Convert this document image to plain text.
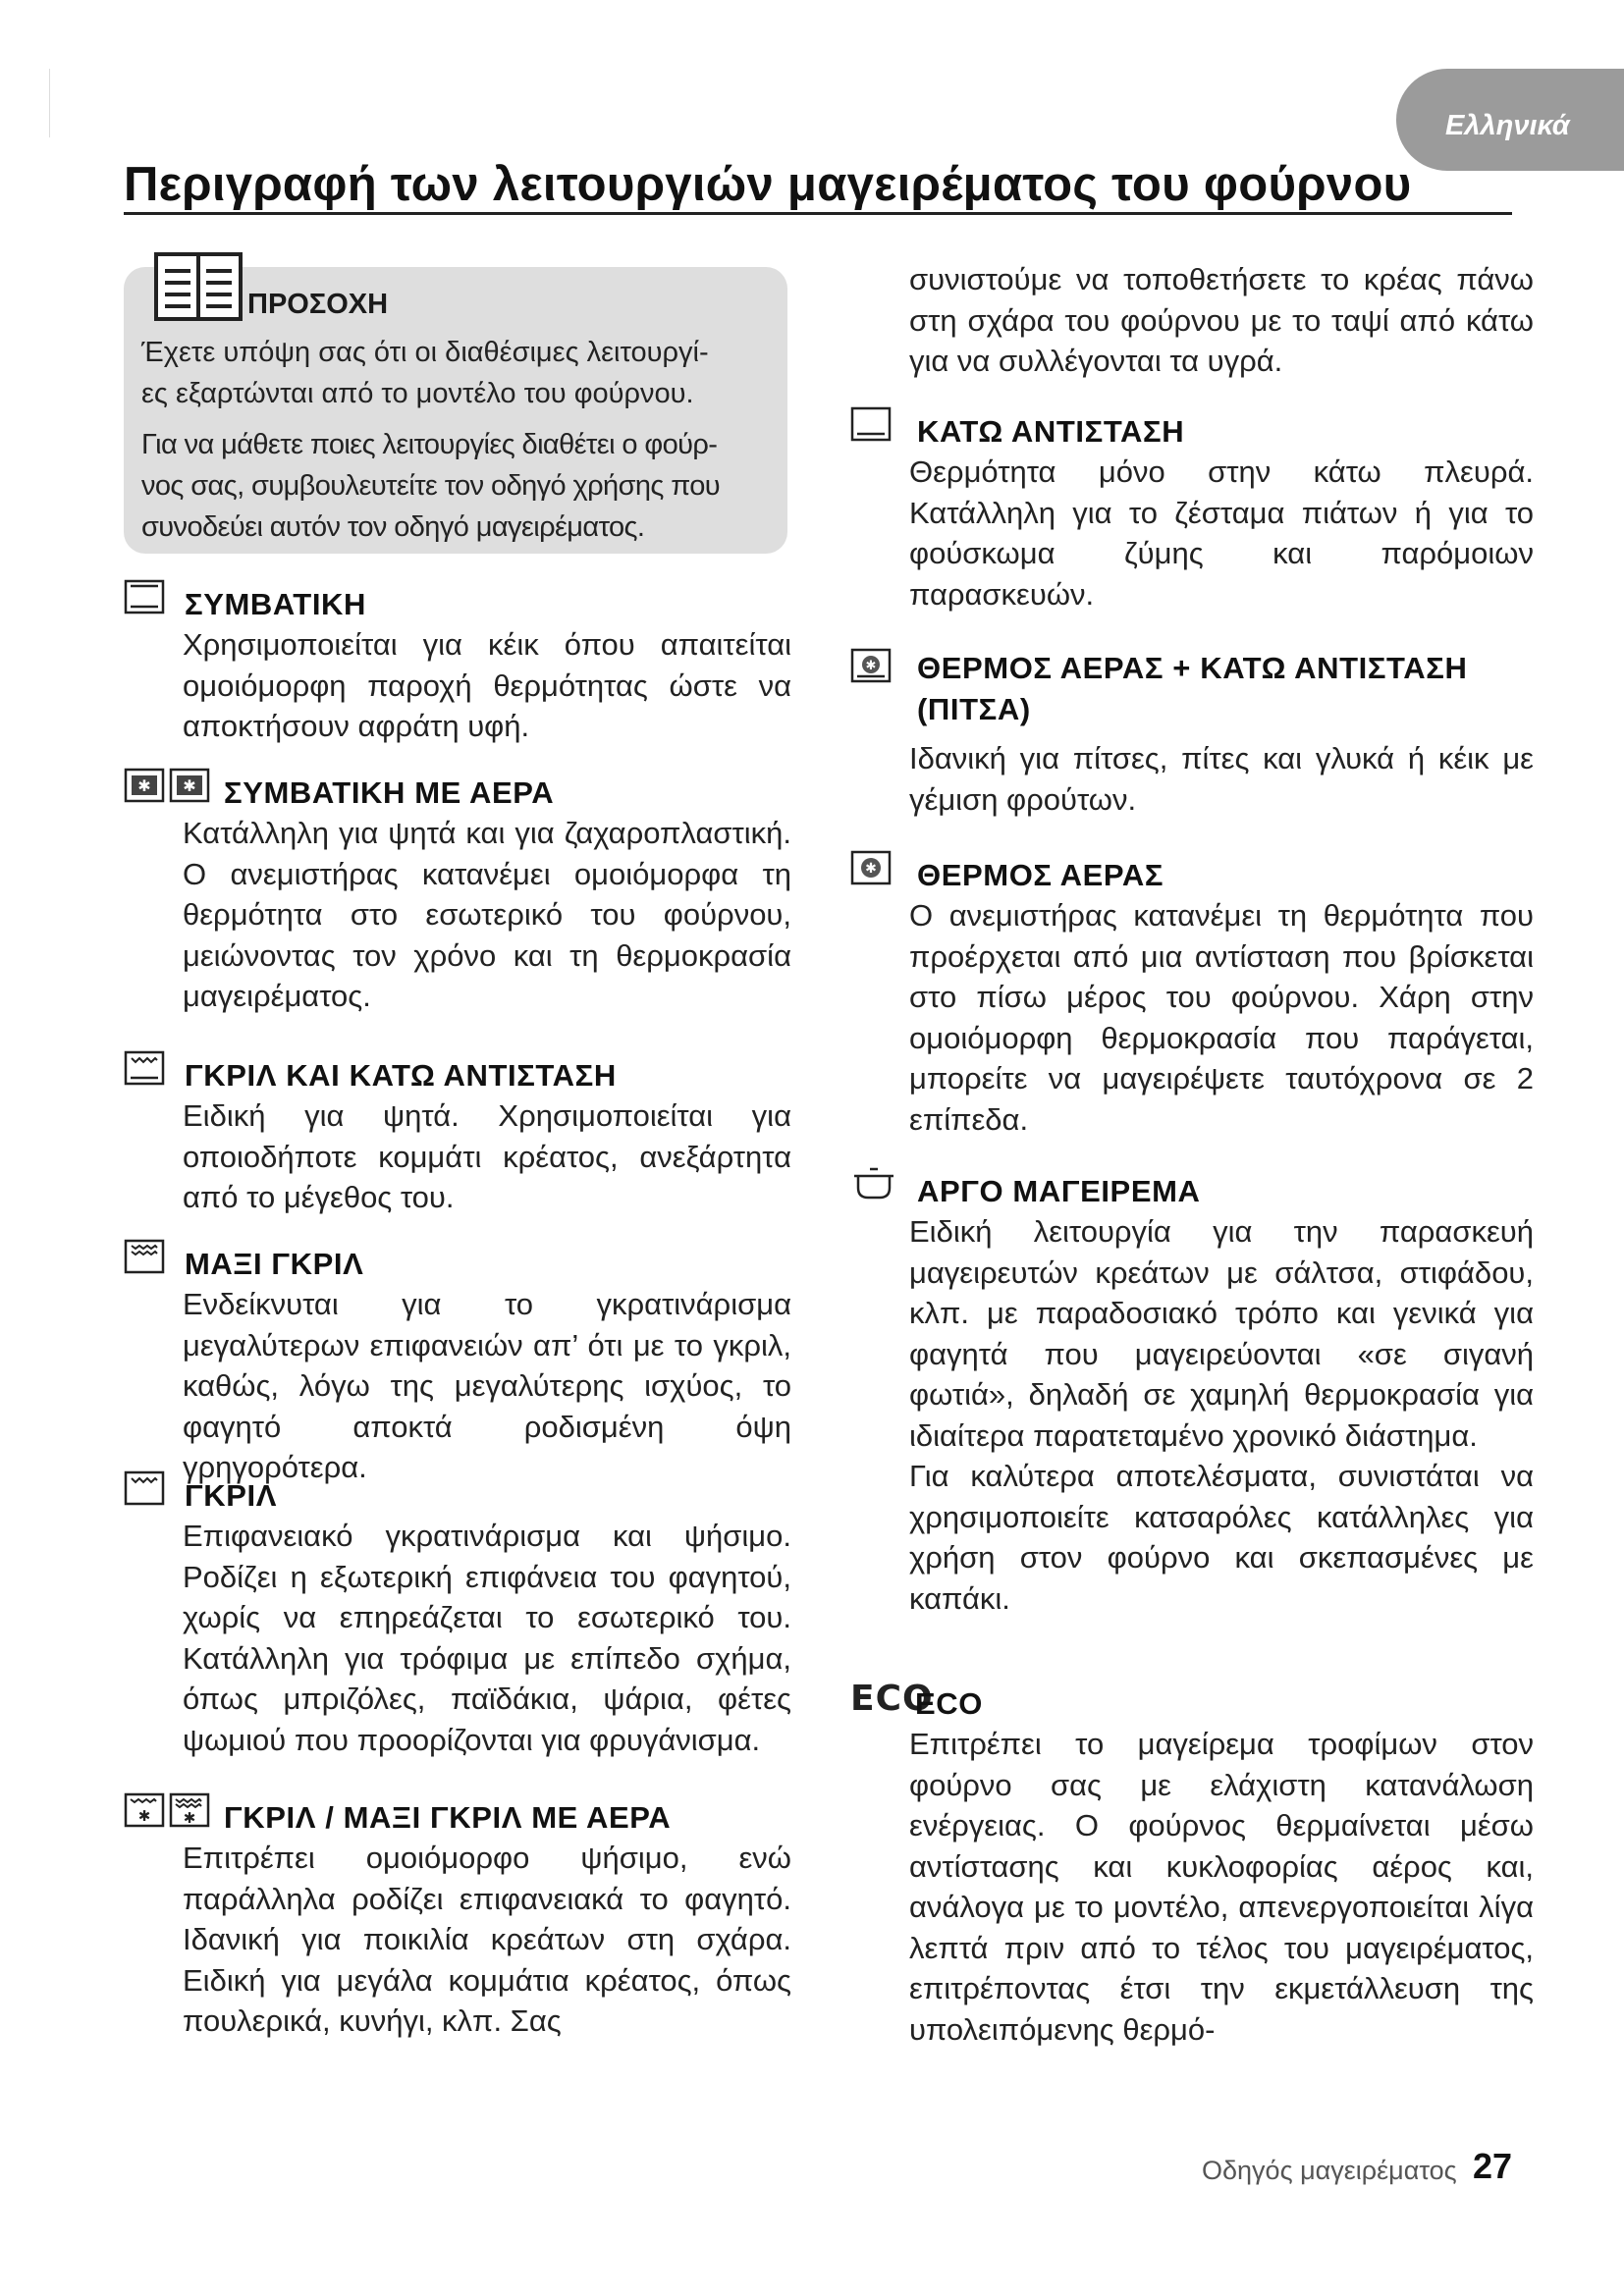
Ελληνικά
Περιγραφή των λειτουργιών μαγειρέματος του φούρνου
ΠΡΟΣΟΧΗ

Έχετε υπόψη σας ότι οι διαθέσιμες λειτουργί-
ες εξαρτώνται από το μοντέλο του φούρνου.

Για να μάθετε ποιες λειτουργίες διαθέτει ο φούρ-
νος σας, συμβουλευτείτε τον οδηγό χρήσης που
συνοδεύει αυτόν τον οδηγό μαγειρέματος.

ΣΥΜΒΑΤΙΚΗ

Χρησιμοποιείται για κέικ όπου απαιτείται ομοιόμορφη παροχή θερμότητας ώστε να αποκτήσουν αφράτη υφή.

✱ ✱ ΣΥΜΒΑΤΙΚΗ ΜΕ ΑΕΡΑ

Κατάλληλη για ψητά και για ζαχαροπλαστική. Ο ανεμιστήρας κατανέμει ομοιόμορφα τη θερμότητα στο εσωτερικό του φούρνου, μειώνοντας τον χρόνο και τη θερμοκρασία μαγειρέματος.

ΓΚΡΙΛ ΚΑΙ ΚΑΤΩ ΑΝΤΙΣΤΑΣΗ

Ειδική για ψητά. Χρησιμοποιείται για οποιοδήποτε κομμάτι κρέατος, ανεξάρτητα από το μέγεθος του.

ΜΑΞΙ ΓΚΡΙΛ

Ενδείκνυται για το γκρατινάρισμα μεγαλύτερων επιφανειών απ’ ότι με το γκριλ, καθώς, λόγω της μεγαλύτερης ισχύος, το φαγητό αποκτά ροδισμένη όψη γρηγορότερα.

ΓΚΡΙΛ

Επιφανειακό γκρατινάρισμα και ψήσιμο. Ροδίζει η εξωτερική επιφάνεια του φαγητού, χωρίς να επηρεάζεται το εσωτερικό του. Κατάλληλη για τρόφιμα με επίπεδο σχήμα, όπως μπριζόλες, παϊδάκια, ψάρια, φέτες ψωμιού που προορίζονται για φρυγάνισμα.

✱ ✱ ΓΚΡΙΛ / ΜΑΞΙ ΓΚΡΙΛ ΜΕ ΑΕΡΑ

Επιτρέπει ομοιόμορφο ψήσιμο, ενώ παράλληλα ροδίζει επιφανειακά το φαγητό. Ιδανική για ποικιλία κρεάτων στη σχάρα. Ειδική για μεγάλα κομμάτια κρέατος, όπως πουλερικά, κυνήγι, κλπ. Σας

συνιστούμε να τοποθετήσετε το κρέας πάνω στη σχάρα του φούρνου με το ταψί από κάτω για να συλλέγονται τα υγρά.

ΚΑΤΩ ΑΝΤΙΣΤΑΣΗ

Θερμότητα μόνο στην κάτω πλευρά. Κατάλληλη για το ζέσταμα πιάτων ή για το φούσκωμα ζύμης και παρόμοιων παρασκευών.

✱ ΘΕΡΜΟΣ ΑΕΡΑΣ + ΚΑΤΩ ΑΝΤΙΣΤΑΣΗ (ΠΙΤΣΑ)

Ιδανική για πίτσες, πίτες και γλυκά ή κέικ με γέμιση φρούτων.

✱ ΘΕΡΜΟΣ ΑΕΡΑΣ

Ο ανεμιστήρας κατανέμει τη θερμότητα που προέρχεται από μια αντίσταση που βρίσκεται στο πίσω μέρος του φούρνου. Χάρη στην ομοιόμορφη θερμοκρασία που παράγεται, μπορείτε να μαγειρέψετε ταυτόχρονα σε 2 επίπεδα.

ΑΡΓΟ ΜΑΓΕΙΡΕΜΑ

Ειδική λειτουργία για την παρασκευή μαγειρευτών κρεάτων με σάλτσα, στιφάδου, κλπ. με παραδοσιακό τρόπο και γενικά για φαγητά που μαγειρεύονται «σε σιγανή φωτιά», δηλαδή σε χαμηλή θερμοκρασία για ιδιαίτερα παρατεταμένο χρονικό διάστημα.

Για καλύτερα αποτελέσματα, συνιστάται να χρησιμοποιείτε κατσαρόλες κατάλληλες για χρήση στον φούρνο και σκεπασμένες με καπάκι.

ECO
ECO

Επιτρέπει το μαγείρεμα τροφίμων στον φούρνο σας με ελάχιστη κατανάλωση ενέργειας. Ο φούρνος θερμαίνεται μέσω αντίστασης και κυκλοφορίας αέρος και, ανάλογα με το μοντέλο, απενεργοποιείται λίγα λεπτά πριν από το τέλος του μαγειρέματος, επιτρέποντας έτσι την εκμετάλλευση της υπολειπόμενης θερμό-

Οδηγός μαγειρέματος 27
